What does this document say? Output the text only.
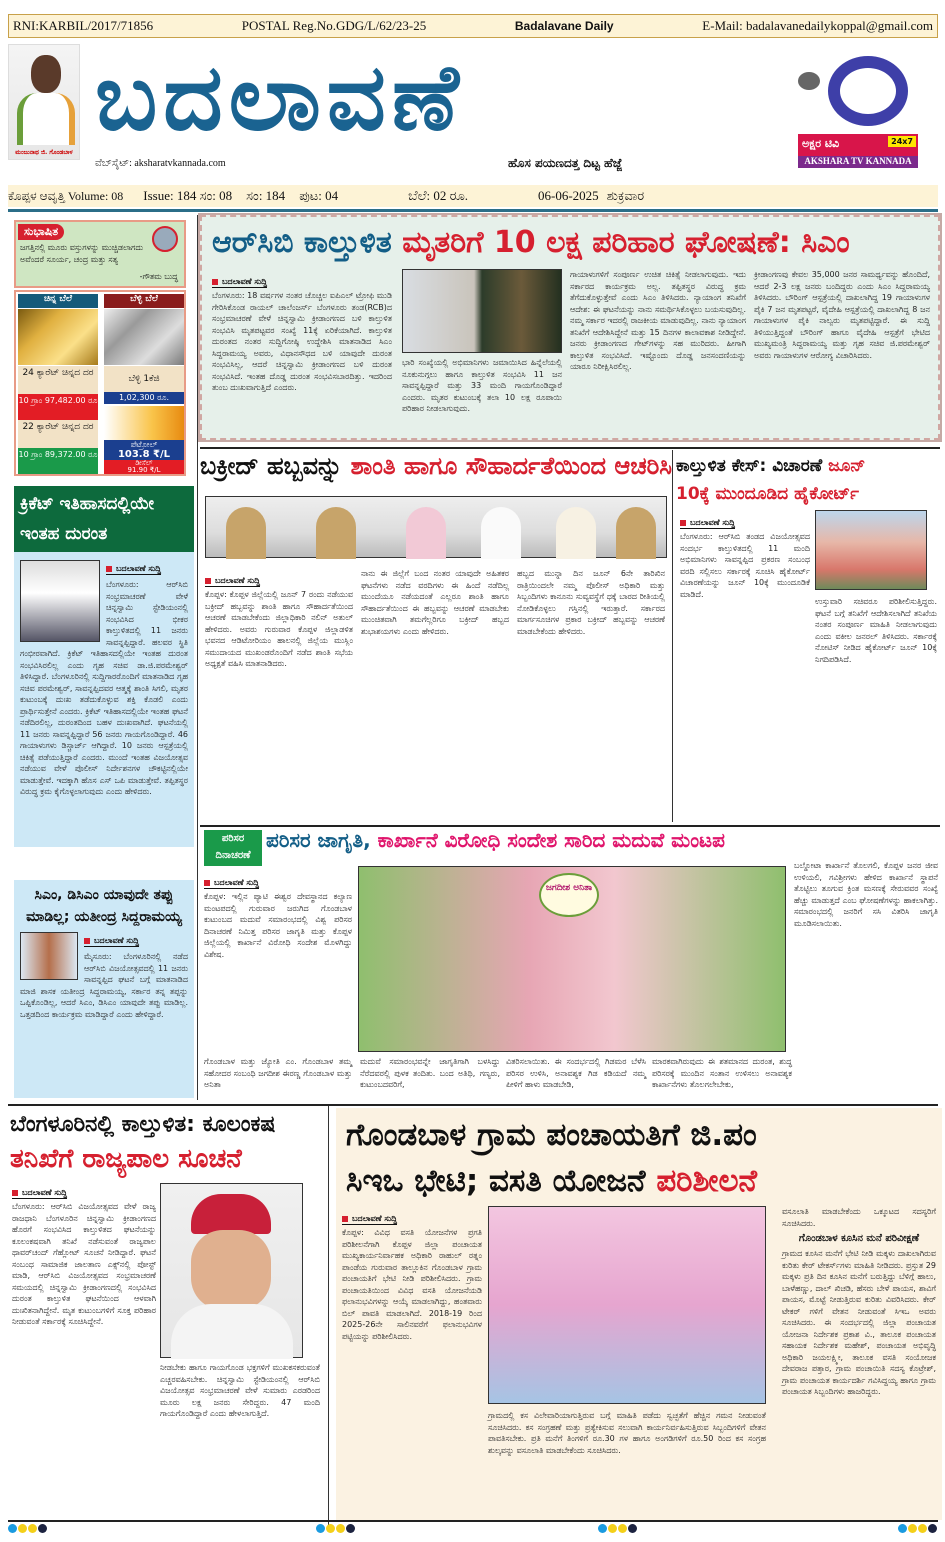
RNI:KARBIL/2017/71856	POSTAL Reg.No.GDG/L/62/23-25	Badalavane Daily	E-Mail: badalavanedailykoppal@gmail.com
ಮಂಜುನಾಥ ಜಿ. ಗೊಂಡಬಾಳ
ಬದಲಾವಣೆ
ವೆಬ್‌ಸೈಟ್: aksharatvkannada.com	ಹೊಸ ಪಯಣದತ್ತ ದಿಟ್ಟ ಹೆಜ್ಜೆ
ಅಕ್ಷರ ಟಿವಿ	24x7
AKSHARA TV KANNADA
ಕೊಪ್ಪಳ ಆವೃತ್ತಿ Volume: 08 Issue: 184 ಸಂ: 08 ಸಂ: 184 ಪುಟ: 04	ಬೆಲೆ: 02 ರೂ.	06-06-2025 ಶುಕ್ರವಾರ
ಸುಭಾಷಿತ
ಜಗತ್ತಿನಲ್ಲಿ ಮೂರು ವಸ್ತುಗಳನ್ನು ಮುಚ್ಚಿಡಲಾಗದು ಅವೆಂದರೆ ಸೂರ್ಯ, ಚಂದ್ರ ಮತ್ತು ಸತ್ಯ
-ಗೌತಮ ಬುದ್ಧ
ಚಿನ್ನ ಬೆಲೆ	ಬೆಳ್ಳಿ ಬೆಲೆ
24 ಕ್ಯಾರೆಟ್ ಚಿನ್ನದ ದರ
10 ಗ್ರಾಂ 97,482.00 ರೂ
22 ಕ್ಯಾರೆಟ್ ಚಿನ್ನದ ದರ
10 ಗ್ರಾಂ 89,372.00 ರೂ
ಬೆಳ್ಳಿ 1ಕೆಜಿ
1,02,300 ರೂ.
ಪೆಟ್ರೋಲ್
103.8 ₹/L
ಡೀಸೆಲ್
91.90 ₹/L
ಕ್ರಿಕೆಟ್ ಇತಿಹಾಸದಲ್ಲಿಯೇ ಇಂತಹ ದುರಂತ
ಬದಲಾವಣೆ ಸುದ್ದಿ
ಬೆಂಗಳೂರು: ಆರ್‌ಸಿಬಿ ಸಂಭ್ರಮಾಚರಣೆ ವೇಳೆ ಚಿನ್ನಸ್ವಾಮಿ ಸ್ಟೇಡಿಯಂನಲ್ಲಿ ಸಂಭವಿಸಿದ ಭೀಕರ ಕಾಲ್ತುಳಿತದಲ್ಲಿ 11 ಜನರು ಸಾವನ್ನಪ್ಪಿದ್ದಾರೆ. ಹಲವರ ಸ್ಥಿತಿ ಗಂಭೀರವಾಗಿದೆ. ಕ್ರಿಕೆಟ್ ಇತಿಹಾಸದಲ್ಲಿಯೇ ಇಂತಹ ದುರಂತ ಸಂಭವಿಸಿರಲಿಲ್ಲ ಎಂದು ಗೃಹ ಸಚಿವ ಡಾ.ಜಿ.ಪರಮೇಶ್ವರ್ ತಿಳಿಸಿದ್ದಾರೆ. ಬೆಂಗಳೂರಿನಲ್ಲಿ ಸುದ್ದಿಗಾರರೊಂದಿಗೆ ಮಾತನಾಡಿದ ಗೃಹ ಸಚಿವ ಪರಮೇಶ್ವರ್, ಸಾವನ್ನಪ್ಪಿದವರ ಆತ್ಮಕ್ಕೆ ಶಾಂತಿ ಸಿಗಲಿ, ಮೃತರ ಕುಟುಂಬಕ್ಕೆ ದುಃಖ ತಡೆದುಕೊಳ್ಳುವ ಶಕ್ತಿ ಕೊಡಲಿ ಎಂದು ಪ್ರಾರ್ಥಿಸುತ್ತೇನೆ ಎಂದರು. ಕ್ರಿಕೆಟ್ ಇತಿಹಾಸದಲ್ಲಿಯೇ ಇಂತಹ ಘಟನೆ ನಡೆದಿರಲಿಲ್ಲ, ದುರಂತದಿಂದ ಬಹಳ ದುಃಖವಾಗಿದೆ. ಘಟನೆಯಲ್ಲಿ 11 ಜನರು ಸಾವನ್ನಪ್ಪಿದ್ದಾರೆ 56 ಜನರು ಗಾಯಗೊಂಡಿದ್ದಾರೆ. 46 ಗಾಯಾಳುಗಳು ಡಿಸ್ಚಾರ್ಜ್ ಆಗಿದ್ದಾರೆ. 10 ಜನರು ಆಸ್ಪತ್ರೆಯಲ್ಲಿ ಚಿಕಿತ್ಸೆ ಪಡೆಯುತ್ತಿದ್ದಾರೆ ಎಂದರು. ಮುಂದೆ ಇಂತಹ ವಿಜಯೋತ್ಸವ ನಡೆಯುವ ವೇಳೆ ಪೊಲೀಸ್ ನಿರ್ದೇಶನಗಳ ಚೌಕಟ್ಟಿನಲ್ಲಿಯೇ ಮಾಡುತ್ತೇವೆ. ಇದಕ್ಕಾಗಿ ಹೊಸ ಎಸ್ ಒಪಿ ಮಾಡುತ್ತೇವೆ. ತಪ್ಪಿತಸ್ಥರ ವಿರುದ್ಧ ಕ್ರಮ ಕೈಗೊಳ್ಳಲಾಗುವುದು ಎಂದು ಹೇಳಿದರು.
ಸಿಎಂ, ಡಿಸಿಎಂ ಯಾವುದೇ ತಪ್ಪು ಮಾಡಿಲ್ಲ; ಯತೀಂದ್ರ ಸಿದ್ದರಾಮಯ್ಯ
ಬದಲಾವಣೆ ಸುದ್ದಿ
ಮೈಸೂರು: ಬೆಂಗಳೂರಿನಲ್ಲಿ ನಡೆದ ಆರ್‌ಸಿಬಿ ವಿಜಯೋತ್ಸವದಲ್ಲಿ 11 ಜನರು ಸಾವನ್ನಪ್ಪಿದ ಘಟನೆ ಬಗ್ಗೆ ಮಾತನಾಡಿದ ಮಾಜಿ ಶಾಸಕ ಯತೀಂದ್ರ ಸಿದ್ದರಾಮಯ್ಯ, ಸರ್ಕಾರ ತನ್ನ ತಪ್ಪನ್ನು ಒಪ್ಪಿಕೊಂಡಿಲ್ಲ, ಆದರೆ ಸಿಎಂ, ಡಿಸಿಎಂ ಯಾವುದೇ ತಪ್ಪು ಮಾಡಿಲ್ಲ. ಒತ್ತಡದಿಂದ ಕಾರ್ಯಕ್ರಮ ಮಾಡಿದ್ದಾರೆ ಎಂದು ಹೇಳಿದ್ದಾರೆ.
ಆರ್‌ಸಿಬಿ ಕಾಲ್ತುಳಿತ ಮೃತರಿಗೆ 10 ಲಕ್ಷ ಪರಿಹಾರ ಘೋಷಣೆ: ಸಿಎಂ
ಬದಲಾವಣೆ ಸುದ್ದಿ
ಬೆಂಗಳೂರು: 18 ವರ್ಷಗಳ ನಂತರ ಚೊಚ್ಚಲ ಐಪಿಎಲ್ ಟ್ರೋಫಿ ಮುಡಿ ಗೇರಿಸಿಕೊಂಡ ರಾಯಲ್ ಚಾಲೆಂಜರ್ಸ್ ಬೆಂಗಳೂರು ತಂಡ(RCB)ದ ಸಂಭ್ರಮಾಚರಣೆ ವೇಳೆ ಚಿನ್ನಸ್ವಾಮಿ ಕ್ರೀಡಾಂಗಣದ ಬಳಿ ಕಾಲ್ತುಳಿತ ಸಂಭವಿಸಿ ಮೃತಪಟ್ಟವರ ಸಂಖ್ಯೆ 11ಕ್ಕೆ ಏರಿಕೆಯಾಗಿದೆ. ಕಾಲ್ತುಳಿತ ದುರಂತದ ನಂತರ ಸುದ್ದಿಗೋಷ್ಠಿ ಉದ್ದೇಶಿಸಿ ಮಾತನಾಡಿದ ಸಿಎಂ ಸಿದ್ದರಾಮಯ್ಯ ಅವರು, ವಿಧಾನಸೌಧದ ಬಳಿ ಯಾವುದೇ ದುರಂತ ಸಂಭವಿಸಿಲ್ಲ, ಆದರೆ ಚಿನ್ನಸ್ವಾಮಿ ಕ್ರೀಡಾಂಗಣದ ಬಳಿ ದುರಂತ ಸಂಭವಿಸಿದೆ. ಇಂತಹ ದೊಡ್ಡ ದುರಂತ ಸಂಭವಿಸಬಾರದಿತ್ತು. ಇದರಿಂದ ತುಂಬ ದುಃಖವಾಗುತ್ತಿದೆ ಎಂದರು.
ಭಾರಿ ಸಂಖ್ಯೆಯಲ್ಲಿ ಅಭಿಮಾನಿಗಳು ಜಮಾಯಿಸಿದ ಹಿನ್ನೆಲೆಯಲ್ಲಿ ನೂಕುನುಗ್ಗಲು ಹಾಗೂ ಕಾಲ್ತುಳಿತ ಸಂಭವಿಸಿ 11 ಜನ ಸಾವನ್ನಪ್ಪಿದ್ದಾರೆ ಮತ್ತು 33 ಮಂದಿ ಗಾಯಗೊಂಡಿದ್ದಾರೆ ಎಂದರು. ಮೃತರ ಕುಟುಂಬಕ್ಕೆ ತಲಾ 10 ಲಕ್ಷ ರೂಪಾಯಿ ಪರಿಹಾರ ನೀಡಲಾಗುವುದು.
ಗಾಯಾಳುಗಳಿಗೆ ಸಂಪೂರ್ಣ ಉಚಿತ ಚಿಕಿತ್ಸೆ ನೀಡಲಾಗುವುದು. ಇದು ಸರ್ಕಾರದ ಕಾರ್ಯಕ್ರಮ ಅಲ್ಲ. ತಪ್ಪಿತಸ್ಥರ ವಿರುದ್ಧ ಕ್ರಮ ತೆಗೆದುಕೊಳ್ಳುತ್ತೇವೆ ಎಂದು ಸಿಎಂ ತಿಳಿಸಿದರು. ನ್ಯಾಯಾಂಗ ತನಿಖೆಗೆ ಆದೇಶ: ಈ ಘಟನೆಯನ್ನು ನಾನು ಸಮರ್ಥಿಸಿಕೊಳ್ಳಲು ಬಯಸುವುದಿಲ್ಲ. ನಮ್ಮ ಸರ್ಕಾರ ಇದರಲ್ಲಿ ರಾಜಕೀಯ ಮಾಡುವುದಿಲ್ಲ. ನಾನು ನ್ಯಾಯಾಂಗ ತನಿಖೆಗೆ ಆದೇಶಿಸಿದ್ದೇನೆ ಮತ್ತು 15 ದಿನಗಳ ಕಾಲಾವಕಾಶ ನೀಡಿದ್ದೇನೆ. ಜನರು ಕ್ರೀಡಾಂಗಣದ ಗೇಟ್‌ಗಳನ್ನು ಸಹ ಮುರಿದರು. ಹೀಗಾಗಿ ಕಾಲ್ತುಳಿತ ಸಂಭವಿಸಿದೆ. ಇಷ್ಟೊಂದು ದೊಡ್ಡ ಜನಸಂದಣಿಯನ್ನು ಯಾರೂ ನಿರೀಕ್ಷಿಸಿರಲಿಲ್ಲ.
ಕ್ರೀಡಾಂಗಣವು ಕೇವಲ 35,000 ಜನರ ಸಾಮರ್ಥ್ಯವನ್ನು ಹೊಂದಿದೆ, ಆದರೆ 2-3 ಲಕ್ಷ ಜನರು ಬಂದಿದ್ದರು ಎಂದು ಸಿಎಂ ಸಿದ್ದರಾಮಯ್ಯ ತಿಳಿಸಿದರು. ಬೌರಿಂಗ್ ಆಸ್ಪತ್ರೆಯಲ್ಲಿ ದಾಖಲಾಗಿದ್ದ 19 ಗಾಯಾಳುಗಳ ಪೈಕಿ 7 ಜನ ಮೃತಪಟ್ಟರೆ, ವೈದೇಹಿ ಆಸ್ಪತ್ರೆಯಲ್ಲಿ ದಾಖಲಾಗಿದ್ದ 8 ಜನ ಗಾಯಾಳುಗಳ ಪೈಕಿ ನಾಲ್ವರು ಮೃತಪಟ್ಟಿದ್ದಾರೆ. ಈ ಸುದ್ದಿ ತಿಳಿಯುತ್ತಿದ್ದಂತೆ ಬೌರಿಂಗ್ ಹಾಗೂ ವೈದೇಹಿ ಆಸ್ಪತ್ರೆಗೆ ಭೇಟಿದ ಮುಖ್ಯಮಂತ್ರಿ ಸಿದ್ದರಾಮಯ್ಯ ಮತ್ತು ಗೃಹ ಸಚಿವ ಜಿ.ಪರಮೇಶ್ವರ್ ಅವರು ಗಾಯಾಳುಗಳ ಆರೋಗ್ಯ ವಿಚಾರಿಸಿದರು.
ಬಕ್ರೀದ್ ಹಬ್ಬವನ್ನು ಶಾಂತಿ ಹಾಗೂ ಸೌಹಾರ್ದತೆಯಿಂದ ಆಚರಿಸಿ
ಬದಲಾವಣೆ ಸುದ್ದಿ
ಕೊಪ್ಪಳ: ಕೊಪ್ಪಳ ಜಿಲ್ಲೆಯಲ್ಲಿ ಜೂನ್ 7 ರಂದು ನಡೆಯುವ ಬಕ್ರೀದ್ ಹಬ್ಬವನ್ನು ಶಾಂತಿ ಹಾಗೂ ಸೌಹಾರ್ದತೆಯಿಂದ ಆಚರಣೆ ಮಾಡಬೇಕೆಂದು ಜಿಲ್ಲಾಧಿಕಾರಿ ನಲಿನ್ ಅತುಲ್ ಹೇಳಿದರು. ಅವರು ಗುರುವಾರ ಕೊಪ್ಪಳ ಜಿಲ್ಲಾಡಳಿತ ಭವನದ ಆಡಿಟೋರಿಯಂ ಹಾಲನಲ್ಲಿ ಜಿಲ್ಲೆಯ ಮುಸ್ಲಿಂ ಸಮುದಾಯದ ಮುಖಂಡರೊಂದಿಗೆ ನಡೆದ ಶಾಂತಿ ಸಭೆಯ ಅಧ್ಯಕ್ಷತೆ ವಹಿಸಿ ಮಾತನಾಡಿದರು.
ನಾನು ಈ ಜಿಲ್ಲೆಗೆ ಬಂದ ನಂತರ ಯಾವುದೇ ಅಹಿತಕರ ಘಟನೆಗಳು ನಡೆದ ವರದಿಗಳು ಈ ಹಿಂದೆ ನಡೆದಿಲ್ಲ ಮುಂದೆಯೂ ನಡೆಯದಂತೆ ಎಲ್ಲರೂ ಶಾಂತಿ ಹಾಗೂ ಸೌಹಾರ್ದತೆಯಿಂದ ಈ ಹಬ್ಬವನ್ನು ಆಚರಣೆ ಮಾಡಬೇಕು ಮುಂಚಿತವಾಗಿ ತಮಗೆಲ್ಲರಿಗೂ ಬಕ್ರೀದ್ ಹಬ್ಬದ ಶುಭಾಶಯಗಳು ಎಂದು ಹೇಳಿದರು.
ಹಬ್ಬದ ಮುನ್ನಾ ದಿನ ಜೂನ್ 6ನೇ ತಾರಿಖಿನ ರಾತ್ರಿಯಿಂದಲೇ ನಮ್ಮ ಪೊಲೀಸ್ ಅಧಿಕಾರಿ ಮತ್ತು ಸಿಬ್ಬಂದಿಗಳು ಕಾನೂನು ಸುವ್ಯವಸ್ಥೆಗೆ ಧಕ್ಕೆ ಬಾರದ ರೀತಿಯಲ್ಲಿ ನೋಡಿಕೊಳ್ಳಲು ಗಸ್ತಿನಲ್ಲಿ ಇರುತ್ತಾರೆ. ಸರ್ಕಾರದ ಮಾರ್ಗಸೂಚಿಗಳ ಪ್ರಕಾರ ಬಕ್ರೀದ್ ಹಬ್ಬವನ್ನು ಆಚರಣೆ ಮಾಡಬೇಕೆಂದು ಹೇಳಿದರು.
ಕಾಲ್ತುಳಿತ ಕೇಸ್: ವಿಚಾರಣೆ ಜೂನ್
10ಕ್ಕೆ ಮುಂದೂಡಿದ ಹೈಕೋರ್ಟ್
ಬದಲಾವಣೆ ಸುದ್ದಿ
ಬೆಂಗಳೂರು: ಆರ್‌ಸಿಬಿ ತಂಡದ ವಿಜಯೋತ್ಸವದ ಸಂದರ್ಭ ಕಾಲ್ತುಳಿತದಲ್ಲಿ 11 ಮಂದಿ ಅಭಿಮಾನಿಗಳು ಸಾವನ್ನಪ್ಪಿದ ಪ್ರಕರಣ ಸಂಬಂಧ ವರದಿ ಸಲ್ಲಿಸಲು ಸರ್ಕಾರಕ್ಕೆ ಸೂಚಿಸಿ ಹೈಕೋರ್ಟ್ ವಿಚಾರಣೆಯನ್ನು ಜೂನ್ 10ಕ್ಕೆ ಮುಂದೂಡಿಕೆ ಮಾಡಿದೆ.
ಉಸ್ತುವಾರಿ ಸಚಿವರೂ ಪರಿಶೀಲಿಸುತ್ತಿದ್ದರು. ಘಟನೆ ಬಗ್ಗೆ ತನಿಖೆಗೆ ಆದೇಶಿಸಲಾಗಿದೆ ತನಿಖೆಯ ನಂತರ ಸಂಪೂರ್ಣ ಮಾಹಿತಿ ನೀಡಲಾಗುವುದು ಎಂದು ವಕೀಲ ಜನರಲ್ ತಿಳಿಸಿದರು. ಸರ್ಕಾರಕ್ಕೆ ನೋಟಿಸ್ ನೀಡಿದ ಹೈಕೋರ್ಟ್ ಜೂನ್ 10ಕ್ಕೆ ನಿಗದಿಪಡಿಸಿದೆ.
ಪರಿಸರ ದಿನಾಚರಣೆ
ಪರಿಸರ ಜಾಗೃತಿ, ಕಾರ್ಖಾನೆ ವಿರೋಧಿ ಸಂದೇಶ ಸಾರಿದ ಮದುವೆ ಮಂಟಪ
ಬದಲಾವಣೆ ಸುದ್ದಿ
ಕೊಪ್ಪಳ: ಇಲ್ಲಿನ ಪ್ಯಾಟಿ ಈಶ್ವರ ದೇವಸ್ಥಾನದ ಕಲ್ಯಾಣ ಮಂಟಪದಲ್ಲಿ ಗುರುವಾರ ಜರುಗಿದ ಗೊಂಡಬಾಳ ಕುಟುಂಬದ ಮದುವೆ ಸಮಾರಂಭದಲ್ಲಿ ವಿಶ್ವ ಪರಿಸರ ದಿನಾಚರಣೆ ನಿಮಿತ್ತ ಪರಿಸರ ಜಾಗೃತಿ ಮತ್ತು ಕೊಪ್ಪಳ ಜಿಲ್ಲೆಯಲ್ಲಿ ಕಾರ್ಖಾನೆ ವಿರೋಧಿ ಸಂದೇಶ ಮೊಳಗಿದ್ದು ವಿಶೇಷ.
ಜಗದೀಶ ಅನಿತಾ
ಬಲ್ಡೋಟಾ ಕಾರ್ಖಾನೆ ತೊಲಗಲಿ, ಕೊಪ್ಪಳ ಜನರ ಜೀವ ಉಳಿಯಲಿ, ಗವಿಶ್ರೀಗಳು ಹೇಳಿದ ಕಾರ್ಖಾನೆ ಸ್ಥಾಪನೆ ತೊಟ್ಟಿಲು ತೂಗುವ ಕ್ರಿಂತ ಮಸಣಕ್ಕೆ ಸೇರುವವರ ಸಂಖ್ಯೆ ಹೆಚ್ಚು ಮಾಡುತ್ತದೆ ಎಂಬ ಘೋಷಣೆಗಳನ್ನು ಹಾಕಲಾಗಿತ್ತು. ಸಮಾರಂಭದಲ್ಲಿ ಜನರಿಗೆ ಸಸಿ ವಿತರಿಸಿ ಜಾಗೃತಿ ಮೂಡಿಸಲಾಯಿತು.
ಗೊಂಡಬಾಳ ಮತ್ತು ಜ್ಯೋತಿ ಎಂ. ಗೊಂಡಬಾಳ ತಮ್ಮ ಸಹೋದರ ಸಂಬಂಧಿ ಜಗದೀಶ ಈರಣ್ಣ ಗೊಂಡಬಾಳ ಮತ್ತು ಅನಿತಾ
ಮದುವೆ ಸಮಾರಂಭವನ್ನೇ ಜಾಗೃತಿಗಾಗಿ ಬಳಸಿದ್ದು ನೆರೆದವರಲ್ಲಿ ಪುಳಕ ತಂದಿತು. ಬಂದ ಅತಿಥಿ, ಗಣ್ಯರು, ಕುಟುಂಬದವರಿಗೆ,
ವಿತರಿಸಲಾಯಿತು. ಈ ಸಂದರ್ಭದಲ್ಲಿ ಗಿಡಮರ ಬೆಳೆಸಿ ಪರಿಸರ ಉಳಿಸಿ, ಅನಾವಶ್ಯಕ ಗಿಡ ಕಡಿಯದೆ ನಮ್ಮ ಪೀಳಿಗೆ ಹಾಳು ಮಾಡಬೇಡಿ,
ಮಾರಕವಾಗಿರುವುದು ಈ ಶತಮಾನದ ದುರಂತ, ಶುದ್ಧ ಪರಿಸರಕ್ಕೆ ಮುಂದಿನ ಸಂತಾನ ಉಳಿಸಲು ಅನಾವಶ್ಯಕ ಕಾರ್ಖಾನೆಗಳು ತೊಲಗಲೇಬೇಕು,
ಬೆಂಗಳೂರಿನಲ್ಲಿ ಕಾಲ್ತುಳಿತ: ಕೂಲಂಕಷ
ತನಿಖೆಗೆ ರಾಜ್ಯಪಾಲ ಸೂಚನೆ
ಬದಲಾವಣೆ ಸುದ್ದಿ
ಬೆಂಗಳೂರು: ಆರ್‌ಸಿಬಿ ವಿಜಯೋತ್ಸವದ ವೇಳೆ ರಾಜ್ಯ ರಾಜಧಾನಿ ಬೆಂಗಳೂರಿನ ಚಿನ್ನಸ್ವಾಮಿ ಕ್ರೀಡಾಂಗಣದ ಹೊರಗೆ ಸಂಭವಿಸಿದ ಕಾಲ್ತುಳಿತದ ಘಟನೆಯನ್ನು ಕೂಲಂಕಷವಾಗಿ ತನಿಖೆ ನಡೆಸುವಂತೆ ರಾಜ್ಯಪಾಲ ಥಾವರ್‌ಚಂದ್ ಗೆಹ್ಲೋಟ್ ಸೂಚನೆ ನೀಡಿದ್ದಾರೆ. ಘಟನೆ ಸಂಬಂಧ ಸಾಮಾಜಿಕ ಜಾಲತಾಣ ಎಕ್ಸ್‌ನಲ್ಲಿ ಪೋಸ್ಟ್ ಮಾಡಿ, ಆರ್‌ಸಿಬಿ ವಿಜಯೋತ್ಸವದ ಸಂಭ್ರಮಾಚರಣೆ ಸಮಯದಲ್ಲಿ ಚಿನ್ನಸ್ವಾಮಿ ಕ್ರೀಡಾಂಗಣದಲ್ಲಿ ಸಂಭವಿಸಿದ ದುರಂತ ಕಾಲ್ತುಳಿತ ಘಟನೆಯಿಂದ ಆಳವಾಗಿ ದುಃಖಿತನಾಗಿದ್ದೇನೆ. ಮೃತ ಕುಟುಂಬಗಳಿಗೆ ಸೂಕ್ತ ಪರಿಹಾರ ನೀಡುವಂತೆ ಸರ್ಕಾರಕ್ಕೆ ಸೂಚಿಸಿದ್ದೇನೆ.
ನೀಡಬೇಕು ಹಾಗೂ ಗಾಯಗೊಂಡ ಭಕ್ತಗಳಿಗೆ ಮುಖಕಸಕರುವಂತೆ ಎಚ್ಚರವಹಿಸಬೇಕು. ಚಿನ್ನಸ್ವಾಮಿ ಸ್ಟೇಡಿಯಂನಲ್ಲಿ ಆರ್‌ಸಿಬಿ ವಿಜಯೋತ್ಸವ ಸಂಭ್ರಮಾಚರಣೆ ವೇಳೆ ಸುಮಾರು ಎರಡರಿಂದ ಮೂರು ಲಕ್ಷ ಜನರು ಸೇರಿದ್ದರು. 47 ಮಂದಿ ಗಾಯಗೊಂಡಿದ್ದಾರೆ ಎಂದು ಹೇಳಲಾಗುತ್ತಿದೆ.
ಗೊಂಡಬಾಳ ಗ್ರಾಮ ಪಂಚಾಯತಿಗೆ ಜಿ.ಪಂ
ಸಿಇಒ ಭೇಟಿ; ವಸತಿ ಯೋಜನೆ ಪರಿಶೀಲನೆ
ಬದಲಾವಣೆ ಸುದ್ದಿ
ಕೊಪ್ಪಳ: ವಿವಿಧ ವಸತಿ ಯೋಜನೆಗಳ ಪ್ರಗತಿ ಪರಿಶೀಲನೆಗಾಗಿ ಕೊಪ್ಪಳ ಜಿಲ್ಲಾ ಪಂಚಾಯತ ಮುಖ್ಯಕಾರ್ಯನಿರ್ವಾಹಕ ಅಧಿಕಾರಿ ರಾಹುಲ್ ರತ್ನಂ ಪಾಂಡೆಯ ಗುರುವಾರ ತಾಲ್ಲೂಕಿನ ಗೊಂಡಬಾಳ ಗ್ರಾಮ ಪಂಚಾಯತಿಗೆ ಭೇಟಿ ನೀಡಿ ಪರಿಶೀಲಿಸಿದರು. ಗ್ರಾಮ ಪಂಚಾಯತಿಯಿಂದ ವಿವಿಧ ವಸತಿ ಯೋಜನೆಯಡಿ ಫಲಾನುಭವಿಗಳನ್ನು ಆಯ್ಕೆ ಮಾಡಲಾಗಿದ್ದು, ಹಂತವಾರು ಬಿಲ್ ಪಾವತಿ ಮಾಡಲಾಗಿದೆ. 2018-19 ರಿಂದ 2025-26ನೇ ಸಾಲಿನವರೆಗೆ ಫಲಾನುಭವಿಗಳ ಪಟ್ಟಿಯನ್ನು ಪರಿಶೀಲಿಸಿದರು.
ಗ್ರಾಮದಲ್ಲಿ ಕಸ ವಿಲೇವಾರಿಯಾಗುತ್ತಿರುವ ಬಗ್ಗೆ ಮಾಹಿತಿ ಪಡೆದು ಸ್ವಚ್ಛತೆಗೆ ಹೆಚ್ಚಿನ ಗಮನ ನೀಡುವಂತೆ ಸೂಚಿಸಿದರು. ಕಸ ಸಂಗ್ರಹಣೆ ಮತ್ತು ಪ್ರತ್ಯೇಕಿಸುವ ಸಲುವಾಗಿ ಕಾರ್ಯನಿರ್ವಹಿಸುತ್ತಿರುವ ಸಿಬ್ಬಂದಿಗಳಿಗೆ ವೇತನ ಪಾವತಿಸಬೇಕು. ಪ್ರತಿ ಮನೆಗೆ ತಿಂಗಳಿಗೆ ರೂ.30 ಗಳ ಹಾಗೂ ಅಂಗಡಿಗಳಿಗೆ ರೂ.50 ರಿಂದ ಕಸ ಸಂಗ್ರಹ ಶುಲ್ಕವನ್ನು ವಸೂಲಾತಿ ಮಾಡಬೇಕೆಂದು ಸೂಚಿಸಿದರು.
ವಸೂಲಾತಿ ಮಾಡಬೇಕೆಂದು ಒಕ್ಕೂಟದ ಸದಸ್ಯರಿಗೆ ಸೂಚಿಸಿದರು.
ಗೊಂಡಬಾಳ ಕೂಸಿನ ಮನೆ ಪರಿವೀಕ್ಷಣೆ
ಗ್ರಾಮದ ಕೂಸಿನ ಮನೆಗೆ ಭೇಟಿ ನೀಡಿ ಮಕ್ಕಳು ದಾಖಲಾಗಿರುವ ಕುರಿತು ಕೇರ್ ಟೇಕರ್ಸ್‌ಗಳು ಮಾಹಿತಿ ನೀಡಿದರು. ಪ್ರಸ್ತುತ 29 ಮಕ್ಕಳು ಪ್ರತಿ ದಿನ ಕೂಸಿನ ಮನೆಗೆ ಬರುತ್ತಿದ್ದು ಬೆಳಿಗ್ಗೆ ಹಾಲು, ಬಾಳೆಹಣ್ಣು, ದಾಲ್ ಖಿಚಡಿ, ಹೆಸರು ಬೇಳೆ ಪಾಯಸ, ಶಾವಿಗೆ ಪಾಯಸ, ಮೊಟ್ಟೆ ನೀಡುತ್ತಿರುವ ಕುರಿತು ವಿವರಿಸಿದರು. ಕೇರ್ ಟೇಕರ್ ಗಳಿಗೆ ವೇತನ ನೀಡುವಂತೆ ಸಿಇಒ ಅವರು ಸೂಚಿಸಿದರು. ಈ ಸಂದರ್ಭದಲ್ಲಿ ಜಿಲ್ಲಾ ಪಂಚಾಯತ ಯೋಜನಾ ನಿರ್ದೇಶಕ ಪ್ರಕಾಶ ವಿ., ತಾಲೂಕ ಪಂಚಾಯತ ಸಹಾಯಕ ನಿರ್ದೇಶಕ ಮಹೇಶ್, ಪಂಚಾಯತ ಅಭಿವೃದ್ಧಿ ಅಧಿಕಾರಿ ಜಯಲಕ್ಷ್ಮೀ, ತಾಲೂಕ ವಸತಿ ಸಂಯೋಜಕ ದೇವರಾಜ ಪತ್ತಾರ, ಗ್ರಾಮ ಪಂಚಾಯಿತಿ ಸದಸ್ಯ ಕೊಟ್ರೇಶ್, ಗ್ರಾಮ ಪಂಚಾಯತ ಕಾರ್ಯದರ್ಶಿ ಗವಿಸಿದ್ದಯ್ಯ ಹಾಗೂ ಗ್ರಾಮ ಪಂಚಾಯತ ಸಿಬ್ಬಂದಿಗಳು ಹಾಜರಿದ್ದರು.
